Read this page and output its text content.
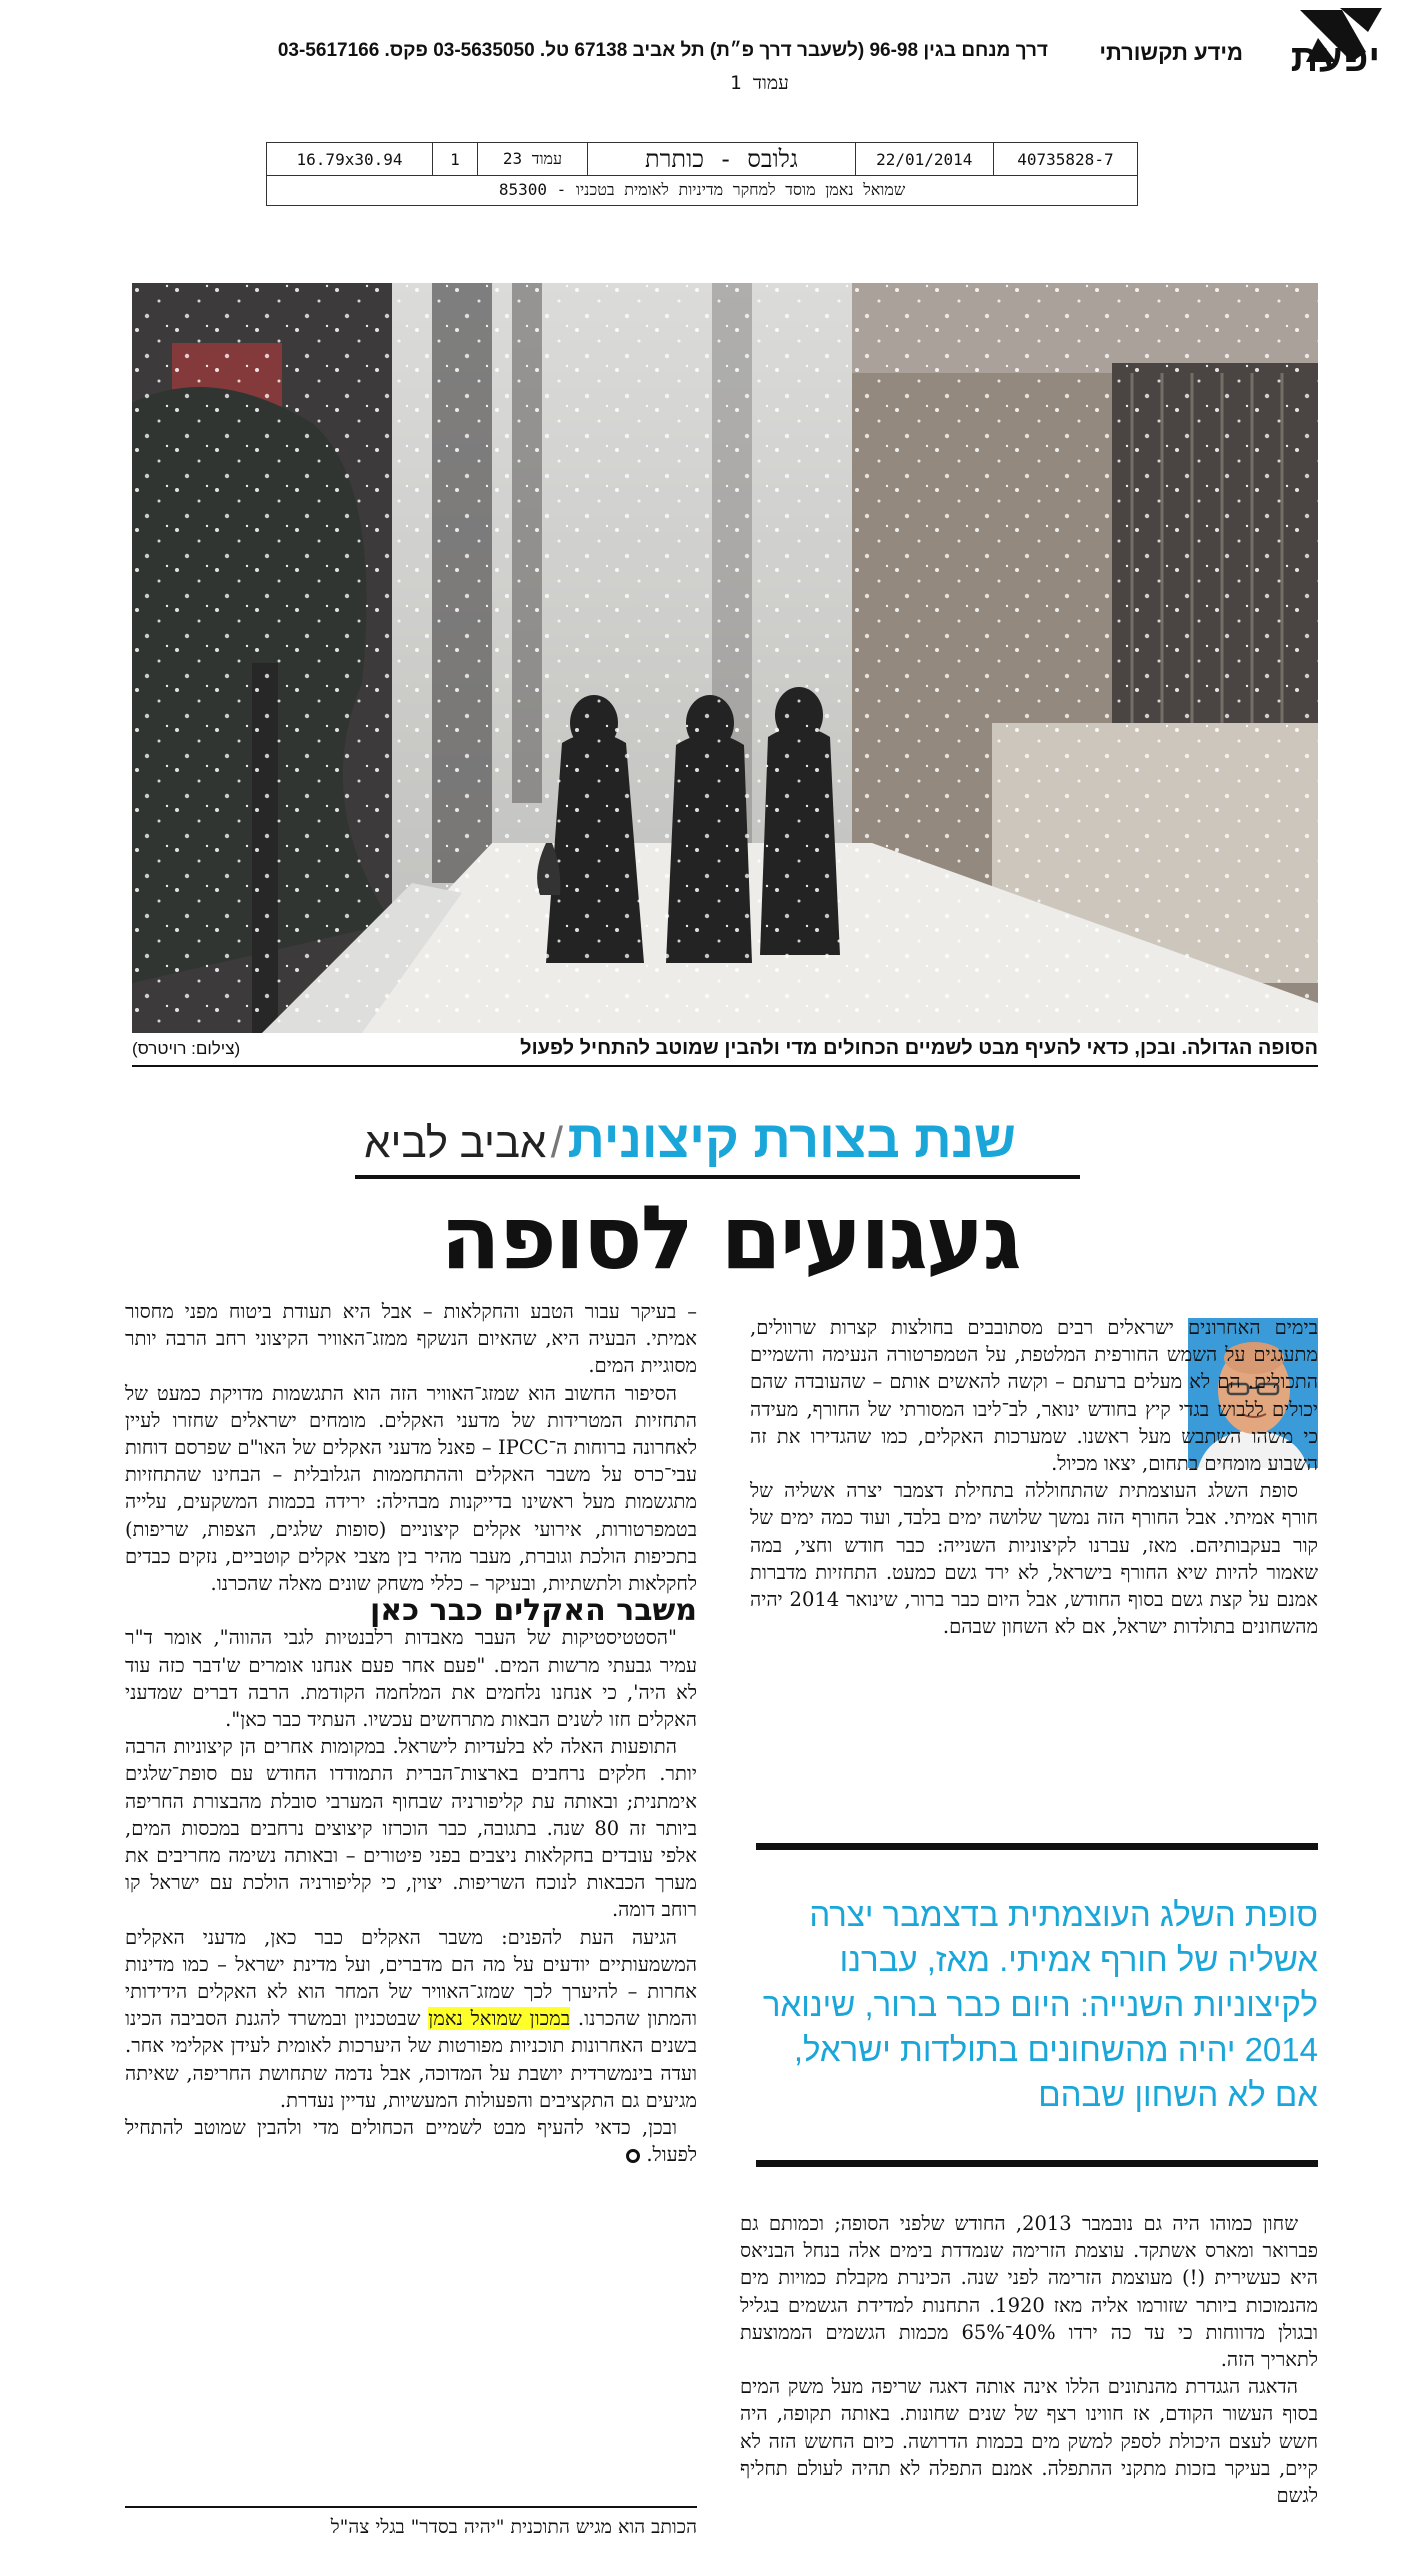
יפעת
מידע תקשורתי
דרך מנחם בגין 96-98 (לשעבר דרך פ״ת) תל אביב 67138 טל. 03-5635050 פקס. 03-5617166
עמוד 1
40735828-7
22/01/2014
גלובס - כותרת
עמוד 23
1
16.79x30.94
שמואל נאמן מוסד למחקר מדיניות לאומית בטכניו - 85300
הסופה הגדולה. ובכן, כדאי להעיף מבט לשמיים הכחולים מדי ולהבין שמוטב להתחיל לפעול
(צילום: רויטרס)
שנת בצורת קיצונית / אביב לביא
געגועים לסופה

בימים האחרונים ישראלים רבים מסתובבים בחולצות קצרות שרוולים, מתעגגים על השמש החורפית המלטפת, על הטמפרטורה הנעימה והשמיים התכולים. הם לא מעלים ברעתם – וקשה להאשים אותם – שהעובדה שהם יכולים ללבוש בגדי קיץ בחודש ינואר, לב־ליבו המסורתי של החורף, מעידה כי משהו השתבש מעל ראשנו. שמערכות האקלים, כמו שהגדירו את זה השבוע מומחים בתחום, יצאו מכיול.

סופת השלג העוצמתית שהתחוללה בתחילת דצמבר יצרה אשליה של חורף אמיתי. אבל החורף הזה נמשך שלושה ימים בלבד, ועוד כמה ימים של קור בעקבותיהם. מאז, עברנו לקיצוניות השנייה: כבר חודש וחצי, במה שאמור להיות שיא החורף בישראל, לא ירד גשם כמעט. התחזיות מדברות אמנם על קצת גשם בסוף החודש, אבל היום כבר ברור, שינואר 2014 יהיה מהשחונים בתולדות ישראל, אם לא השחון שבהם.

סופת השלג העוצמתית בדצמבר יצרה אשליה של חורף אמיתי. מאז, עברנו לקיצוניות השנייה: היום כבר ברור, שינואר 2014 יהיה מהשחונים בתולדות ישראל, אם לא השחון שבהם

שחון כמוהו היה גם נובמבר 2013, החודש שלפני הסופה; וכמותם גם פברואר ומארס אשתקד. עוצמת הזרימה שנמדדת בימים אלה בנחל הבניאס היא כעשירית (!) מעוצמת הזרימה לפני שנה. הכינרת מקבלת כמויות מים מהנמוכות ביותר שזורמו אליה מאז 1920. התחנות למדידת הגשמים בגליל ובגולן מדווחות כי עד כה ירדו 40%־65% מכמות הגשמים הממוצעת לתאריך הזה.

הדאגה הגגדרת מהנתונים הללו אינה אותה דאגה שריפה מעל משק המים בסוף העשור הקודם, אז חווינו רצף של שנים שחונות. באותה תקופה, היה חשש לעצם היכולת לספק למשק מים בכמות הדרושה. כיום החשש הזה לא קיים, בעיקר בזכות מתקני ההתפלה. אמנם התפלה לא תהיה לעולם תחליף לגשם

– בעיקר עבור הטבע והחקלאות – אבל היא תעודת ביטוח מפני מחסור אמיתי. הבעיה היא, שהאיום הנשקף ממזג־האוויר הקיצוני רחב הרבה יותר מסוגיית המים.

הסיפור החשוב הוא שמזג־האוויר הזה הוא התגשמות מדויקת כמעט של התחזיות המטרידות של מדעני האקלים. מומחים ישראלים שחזרו לעיין לאחרונה ברוחות ה־IPCC – פאנל מדעני האקלים של האו"ם שפרסם דוחות עבי־כרס על משבר האקלים וההתחממות הגלובלית – הבחינו שהתחזיות מתגשמות מעל ראשינו בדייקנות מבהילה: ירידה בכמות המשקעים, עלייה בטמפרטורות, אירועי אקלים קיצוניים (סופות שלגים, הצפות, שריפות) בתכיפות הולכת וגוברת, מעבר מהיר בין מצבי אקלים קוטביים, נזקים כבדים לחקלאות ולתשתיות, ובעיקר – כללי משחק שונים מאלה שהכרנו.

משבר האקלים כבר כאן

"הסטטיסטיקות של העבר מאבדות רלבנטיות לגבי ההווה", אומר ד"ר עמיר גבעתי מרשות המים. "פעם אחר פעם אנחנו אומרים ש'דבר כזה עוד לא היה', כי אנחנו נלחמים את המלחמה הקודמת. הרבה דברים שמדעני האקלים חזו לשנים הבאות מתרחשים עכשיו. העתיד כבר כאן".

התופעות האלה לא בלעדיות לישראל. במקומות אחרים הן קיצוניות הרבה יותר. חלקים נרחבים בארצות־הברית התמודדו החודש עם סופת־שלגים אימתנית; ובאותה עת קליפורניה שבחוף המערבי סובלת מהבצורת החריפה ביותר זה 80 שנה. בתגובה, כבר הוכרזו קיצוצים נרחבים במכסות המים, אלפי עובדים בחקלאות ניצבים בפני פיטורים – ובאותה נשימה מחריבים את מערך הכבאות לנוכח השריפות. יצוין, כי קליפורניה הולכת עם ישראל קו רוחב דומה.

הגיעה העת להפנים: משבר האקלים כבר כאן, מדעני האקלים המשמעותיים יודעים על מה הם מדברים, ועל מדינת ישראל – כמו מדינות אחרות – להיערך לכך שמזג־האוויר של המחר הוא לא האקלים הידידותי והמתון שהכרנו. במכון שמואל נאמן שבטכניון ובמשרד להגנת הסביבה הכינו בשנים האחרונות תוכניות מפורטות של היערכות לאומית לעידן אקלימי אחר. ועדה בינמשרדית יושבת על המדוכה, אבל נדמה שתחושת החריפה, שאיתה מגיעים גם התקציבים והפעולות המעשיות, עדיין נעדרת.

ובכן, כדאי להעיף מבט לשמיים הכחולים מדי ולהבין שמוטב להתחיל לפעול.

הכותב הוא מגיש התוכנית "יהיה בסדר" בגלי צה"ל
